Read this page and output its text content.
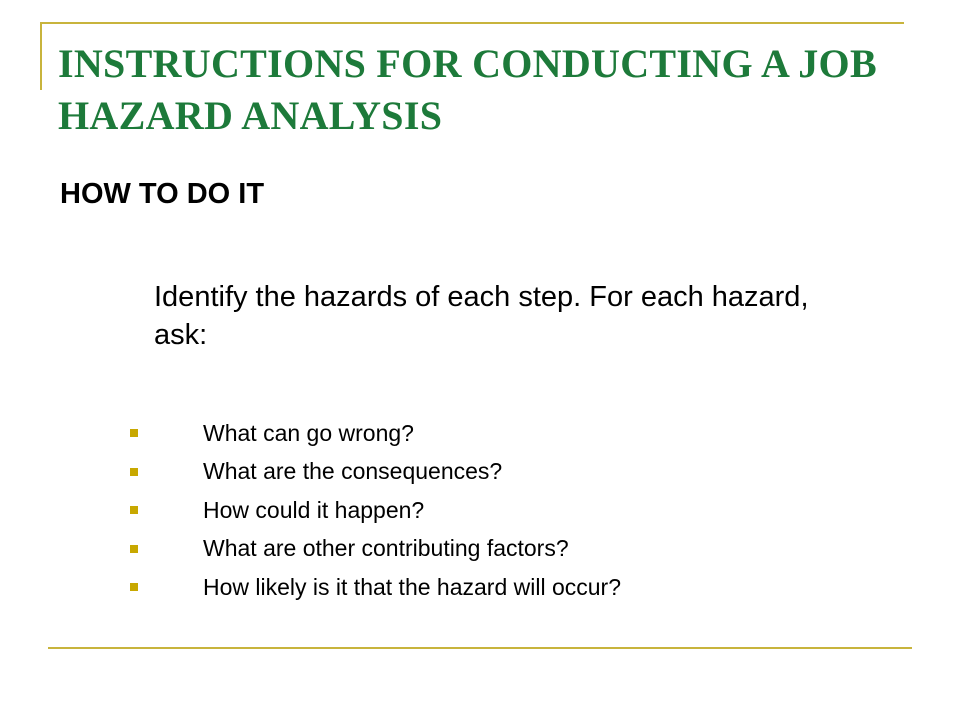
INSTRUCTIONS FOR CONDUCTING A JOB HAZARD ANALYSIS
HOW TO DO IT

Identify the hazards of each step. For each hazard, ask:

What can go wrong?
What are the consequences?
How could it happen?
What are other contributing factors?
How likely is it that the hazard will occur?
